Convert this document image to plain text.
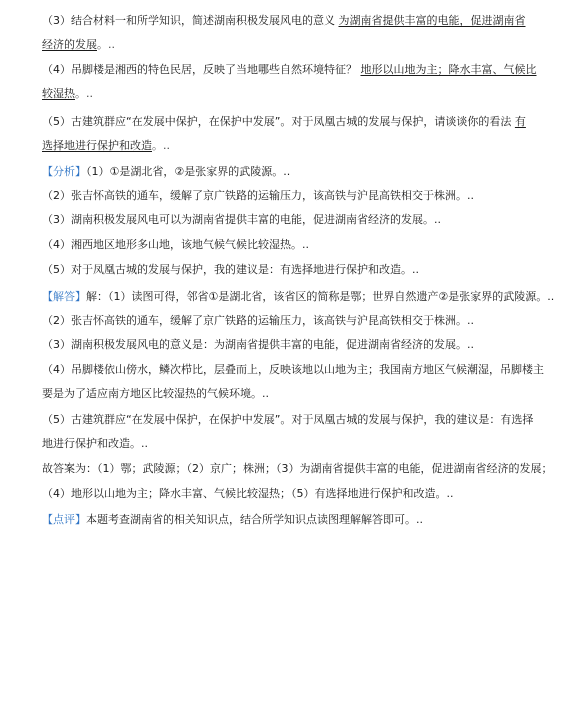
（3）结合材料一和所学知识，简述湖南积极发展风电的意义 为湖南省提供丰富的电能，促进湖南省
经济的发展。..
（4）吊脚楼是湘西的特色民居，反映了当地哪些自然环境特征？ 地形以山地为主；降水丰富、气候比
较湿热。..
（5）古建筑群应“在发展中保护，在保护中发展”。对于凤凰古城的发展与保护，请谈谈你的看法 有
选择地进行保护和改造。..
【分析】（1）①是湖北省，②是张家界的武陵源。..
（2）张吉怀高铁的通车，缓解了京广铁路的运输压力，该高铁与沪昆高铁相交于株洲。..
（3）湖南积极发展风电可以为湖南省提供丰富的电能，促进湖南省经济的发展。..
（4）湘西地区地形多山地，该地气候气候比较湿热。..
（5）对于凤凰古城的发展与保护，我的建议是：有选择地进行保护和改造。..
【解答】解：（1）读图可得，邻省①是湖北省，该省区的简称是鄂；世界自然遗产②是张家界的武陵源。..
（2）张吉怀高铁的通车，缓解了京广铁路的运输压力，该高铁与沪昆高铁相交于株洲。..
（3）湖南积极发展风电的意义是：为湖南省提供丰富的电能，促进湖南省经济的发展。..
（4）吊脚楼依山傍水，鳞次栉比，层叠而上，反映该地以山地为主；我国南方地区气候潮湿，吊脚楼主
要是为了适应南方地区比较湿热的气候环境。..
（5）古建筑群应“在发展中保护，在保护中发展”。对于凤凰古城的发展与保护，我的建议是：有选择
地进行保护和改造。..
故答案为：（1）鄂；武陵源；（2）京广；株洲；（3）为湖南省提供丰富的电能，促进湖南省经济的发展；
（4）地形以山地为主；降水丰富、气候比较湿热；（5）有选择地进行保护和改造。..
【点评】本题考查湖南省的相关知识点，结合所学知识点读图理解解答即可。..
